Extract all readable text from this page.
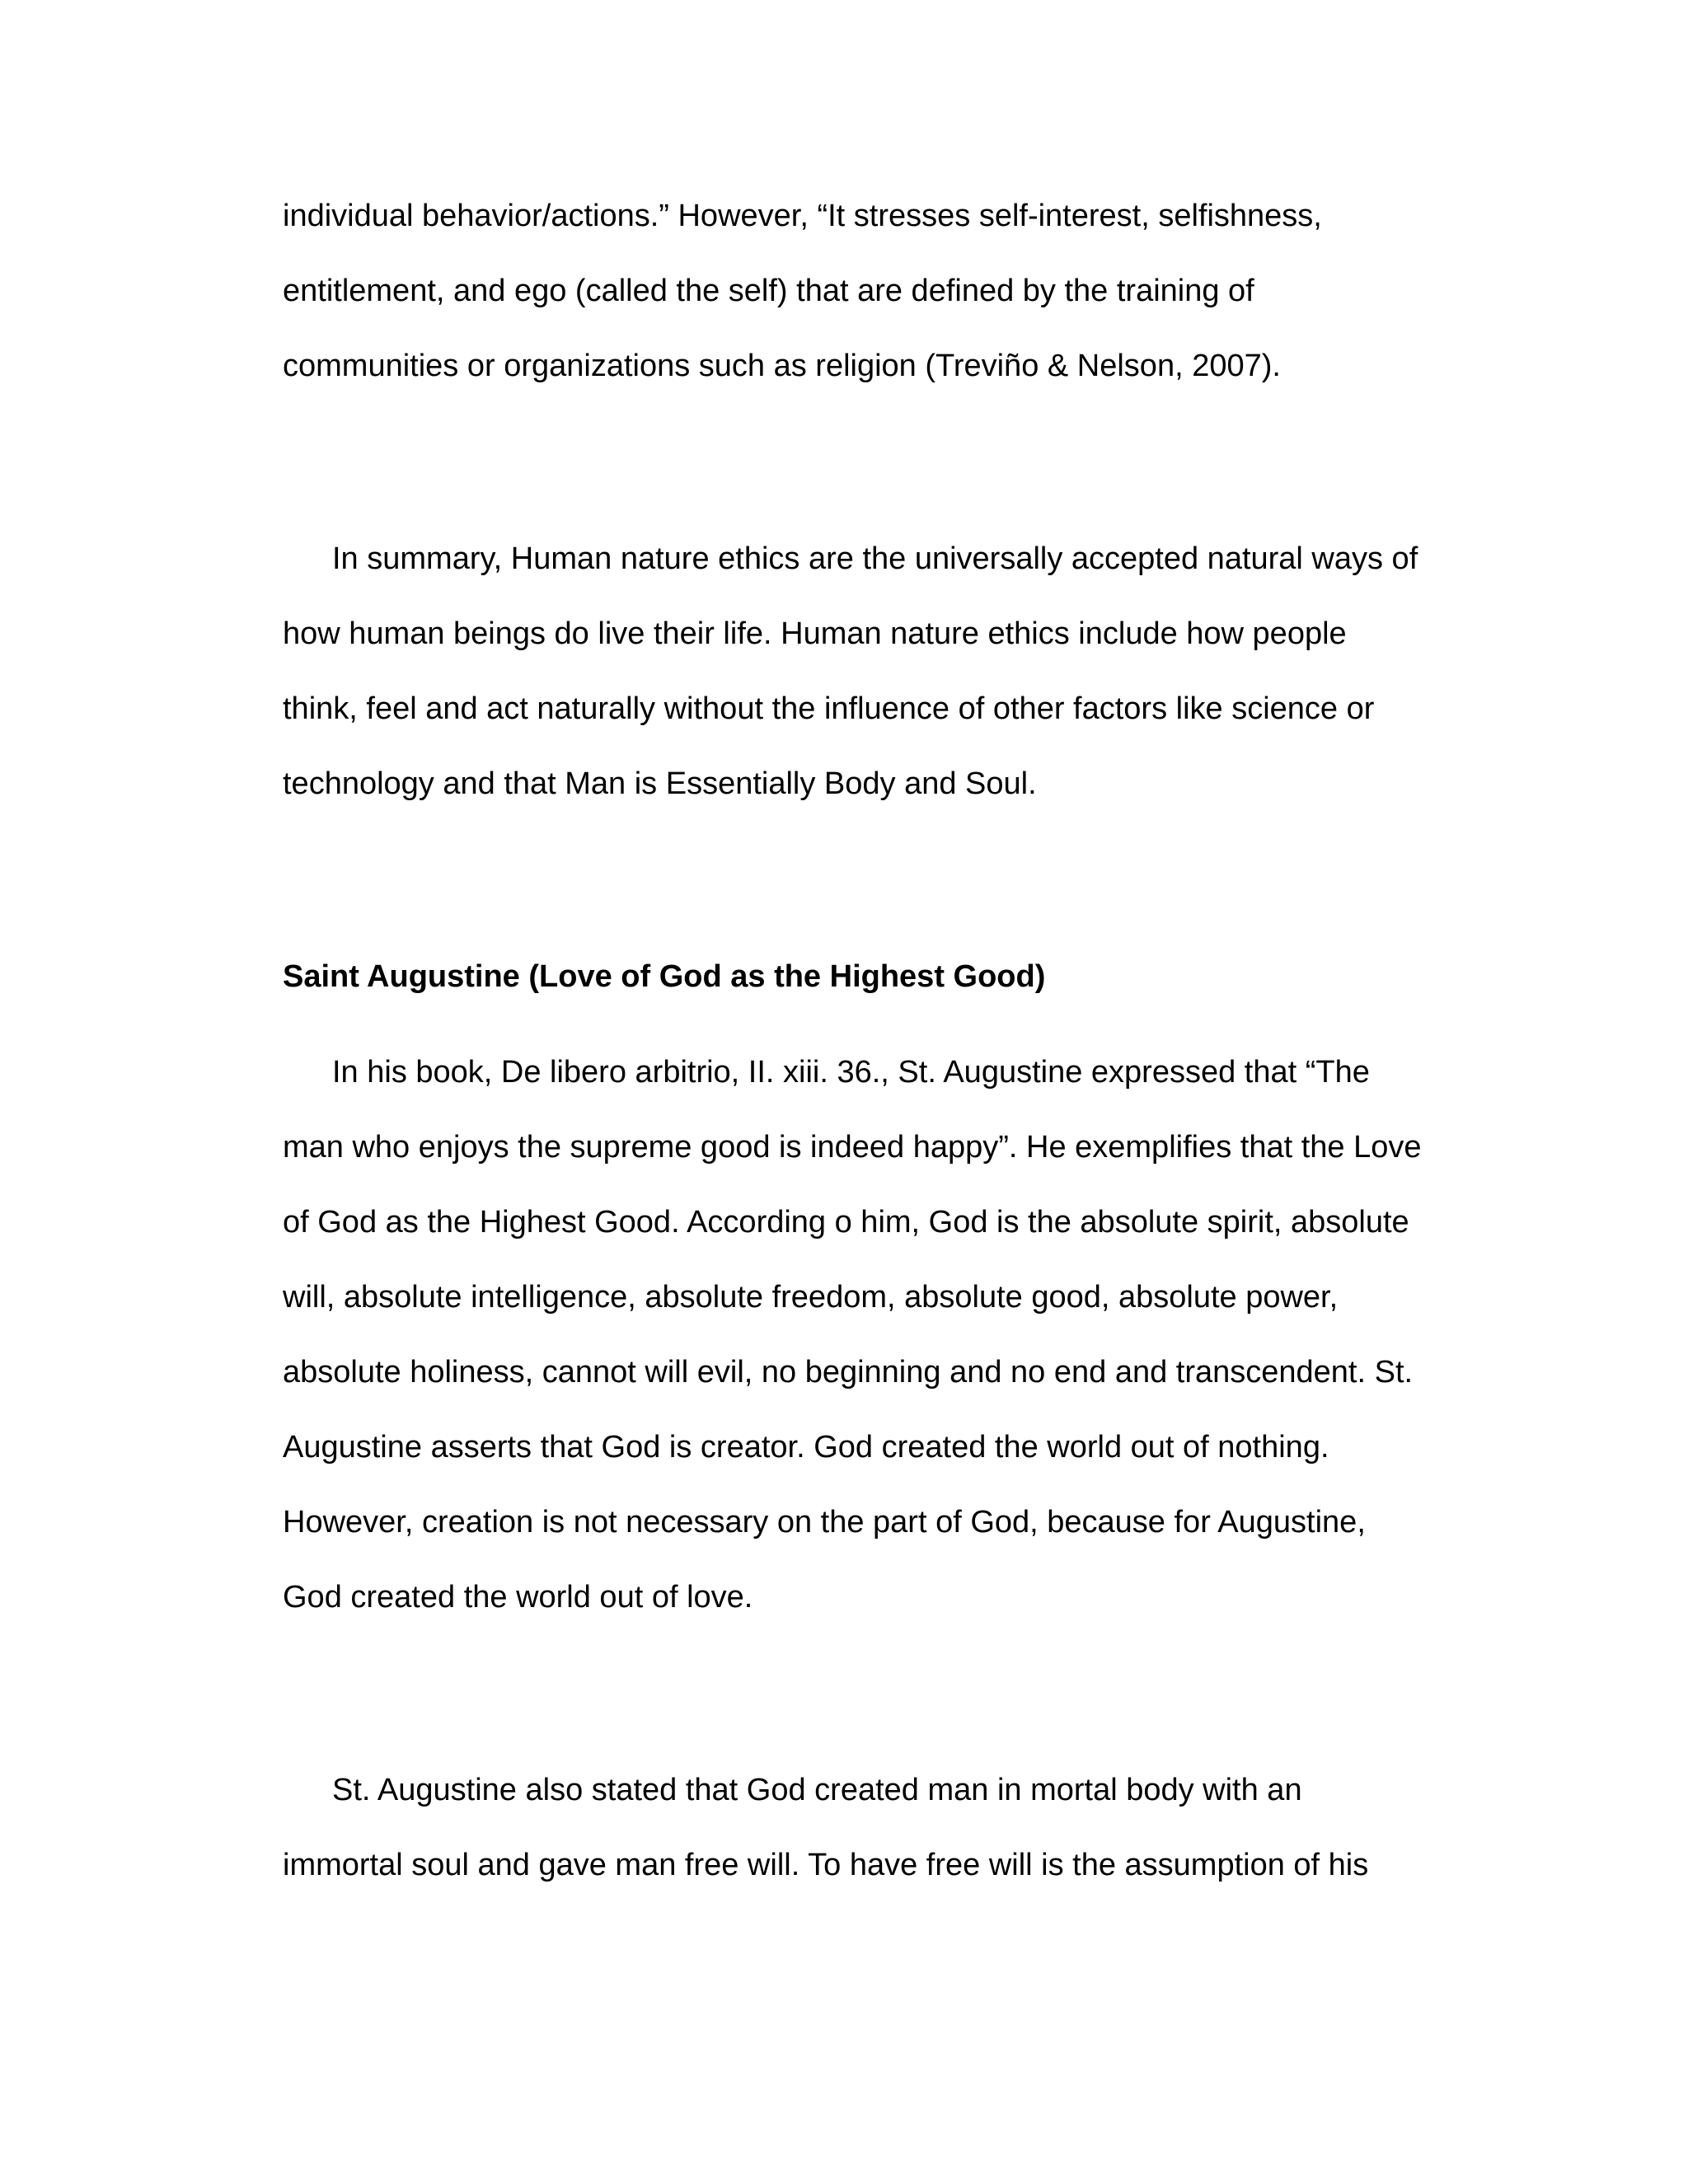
individual behavior/actions.” However, “It stresses self-interest, selfishness,

entitlement, and ego (called the self) that are defined by the training of

communities or organizations such as religion (Treviño & Nelson, 2007).

In summary, Human nature ethics are the universally accepted natural ways of

how human beings do live their life. Human nature ethics include how people

think, feel and act naturally without the influence of other factors like science or

technology and that Man is Essentially Body and Soul.

Saint Augustine (Love of God as the Highest Good)

In his book, De libero arbitrio, II. xiii. 36., St. Augustine expressed that “The

man who enjoys the supreme good is indeed happy”. He exemplifies that the Love

of God as the Highest Good. According o him, God is the absolute spirit, absolute

will, absolute intelligence, absolute freedom, absolute good, absolute power,

absolute holiness, cannot will evil, no beginning and no end and transcendent. St.

Augustine asserts that God is creator. God created the world out of nothing.

However, creation is not necessary on the part of God, because for Augustine,

God created the world out of love.

St. Augustine also stated that God created man in mortal body with an

immortal soul and gave man free will. To have free will is the assumption of his
